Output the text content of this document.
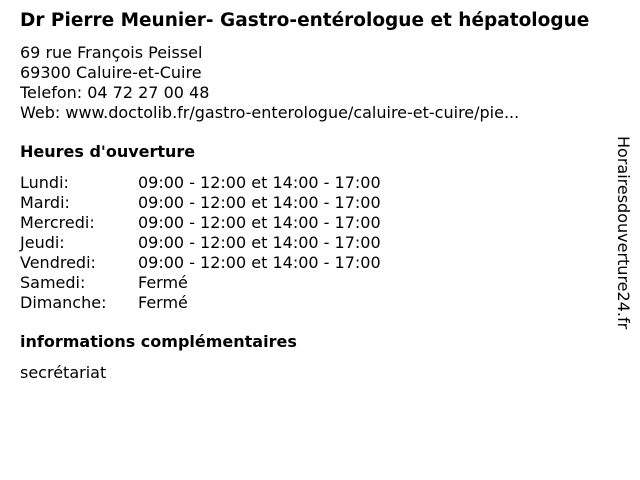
Dr Pierre Meunier- Gastro-entérologue et hépatologue
69 rue François Peissel
69300 Caluire-et-Cuire
Telefon: 04 72 27 00 48
Web: www.doctolib.fr/gastro-enterologue/caluire-et-cuire/pie...
Heures d'ouverture
Lundi:	09:00 - 12:00 et 14:00 - 17:00
Mardi:	09:00 - 12:00 et 14:00 - 17:00
Mercredi:	09:00 - 12:00 et 14:00 - 17:00
Jeudi:	09:00 - 12:00 et 14:00 - 17:00
Vendredi:	09:00 - 12:00 et 14:00 - 17:00
Samedi:	Fermé
Dimanche:	Fermé
informations complémentaires
secrétariat
Horairesdouverture24.fr
